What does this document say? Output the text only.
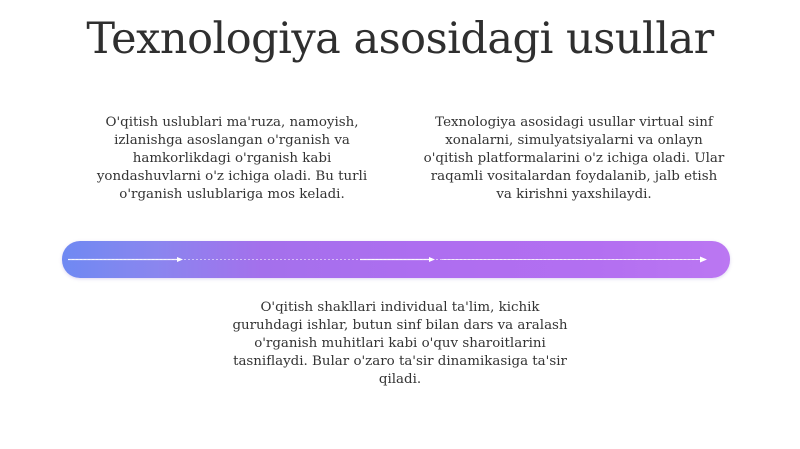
Texnologiya asosidagi usullar
O'qitish uslublari ma'ruza, namoyish,
izlanishga asoslangan o'rganish va
hamkorlikdagi o'rganish kabi
yondashuvlarni o'z ichiga oladi. Bu turli
o'rganish uslublariga mos keladi.
Texnologiya asosidagi usullar virtual sinf
xonalarni, simulyatsiyalarni va onlayn
o'qitish platformalarini o'z ichiga oladi. Ular
raqamli vositalardan foydalanib, jalb etish
va kirishni yaxshilaydi.
O'qitish shakllari individual ta'lim, kichik
guruhdagi ishlar, butun sinf bilan dars va aralash
o'rganish muhitlari kabi o'quv sharoitlarini
tasniflaydi. Bular o'zaro ta'sir dinamikasiga ta'sir
qiladi.
